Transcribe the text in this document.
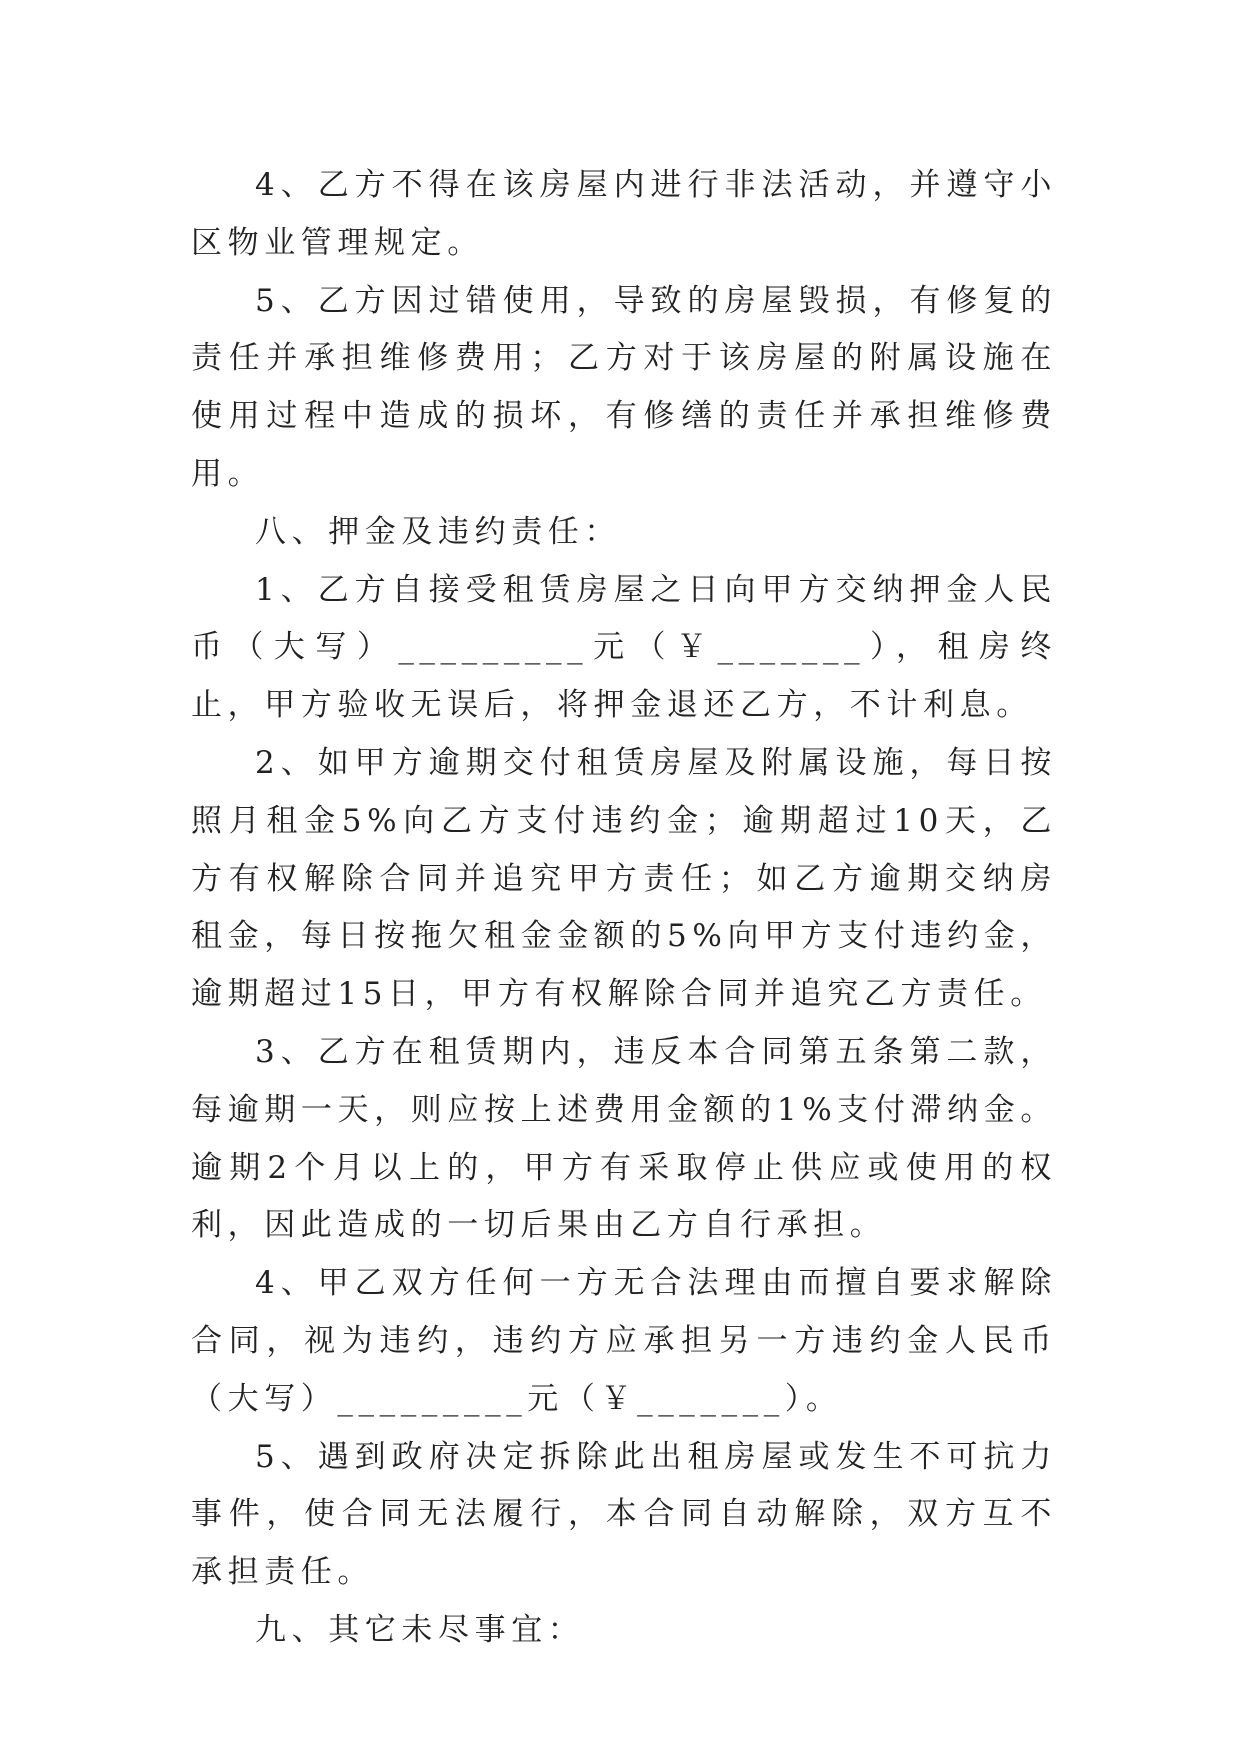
4、乙方不得在该房屋内进行非法活动，并遵守小区物业管理规定。

5、乙方因过错使用，导致的房屋毁损，有修复的责任并承担维修费用；乙方对于该房屋的附属设施在使用过程中造成的损坏，有修缮的责任并承担维修费用。

八、押金及违约责任：

1、乙方自接受租赁房屋之日向甲方交纳押金人民币（大写）_________元（￥_______），租房终止，甲方验收无误后，将押金退还乙方，不计利息。

2、如甲方逾期交付租赁房屋及附属设施，每日按照月租金5%向乙方支付违约金；逾期超过10天，乙方有权解除合同并追究甲方责任；如乙方逾期交纳房租金，每日按拖欠租金金额的5%向甲方支付违约金，逾期超过15日，甲方有权解除合同并追究乙方责任。

3、乙方在租赁期内，违反本合同第五条第二款，每逾期一天，则应按上述费用金额的1%支付滞纳金。逾期2个月以上的，甲方有采取停止供应或使用的权利，因此造成的一切后果由乙方自行承担。

4、甲乙双方任何一方无合法理由而擅自要求解除合同，视为违约，违约方应承担另一方违约金人民币（大写）_________元（￥_______）。

5、遇到政府决定拆除此出租房屋或发生不可抗力事件，使合同无法履行，本合同自动解除，双方互不承担责任。

九、其它未尽事宜：
